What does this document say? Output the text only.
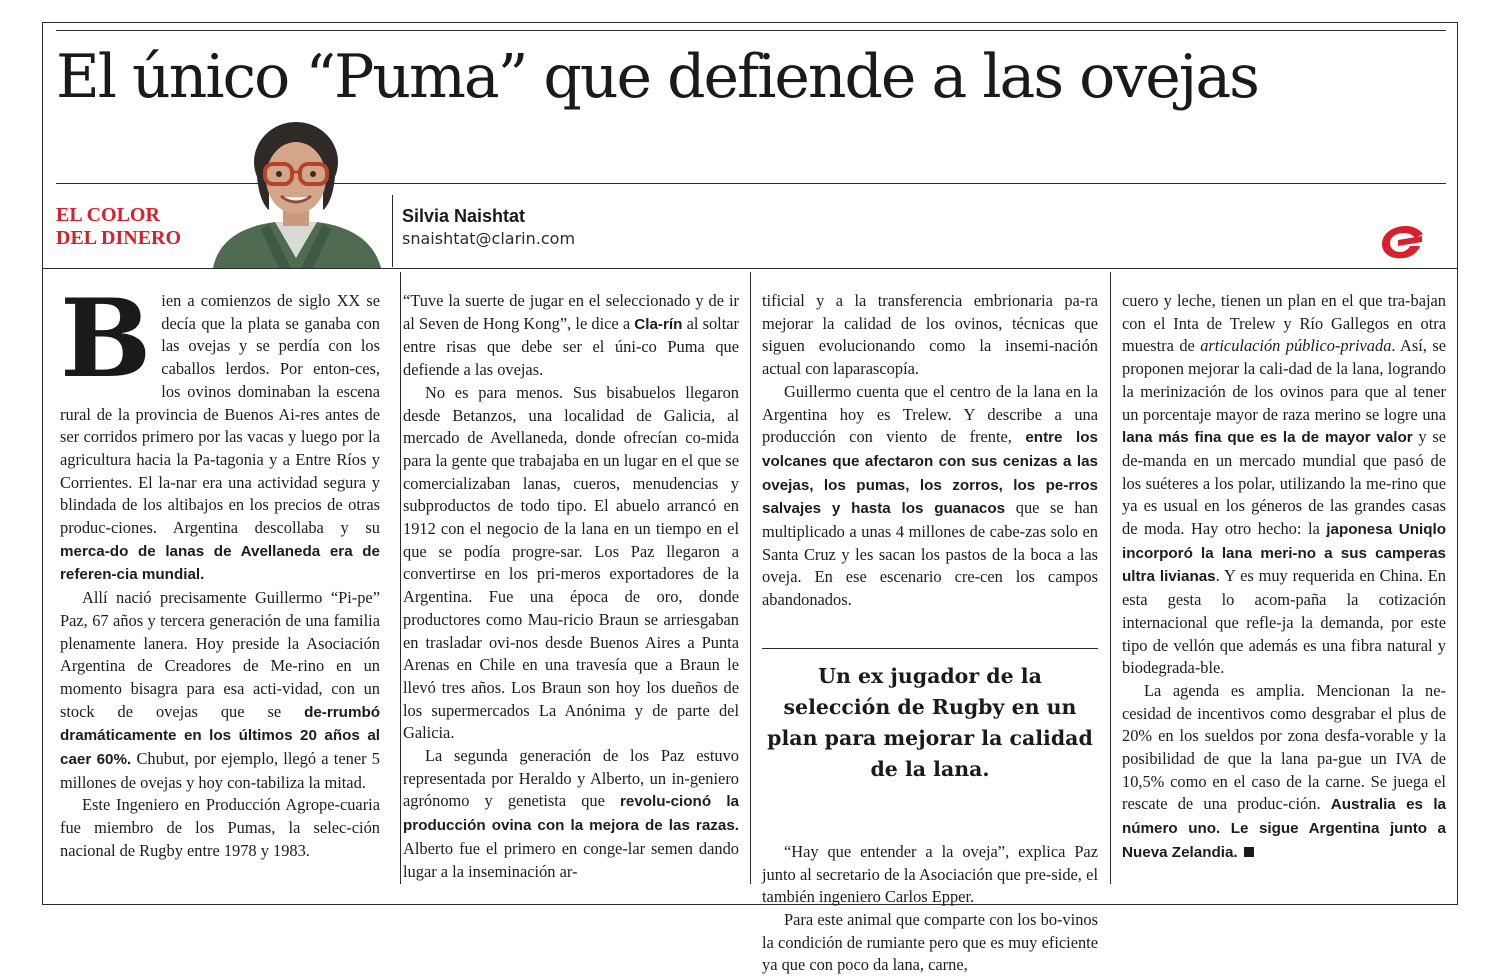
El único “Puma” que defiende a las ovejas
EL COLOR
DEL DINERO
Silvia Naishtat
snaishtat@clarin.com

Bien a comienzos de siglo XX se decía que la plata se ganaba con las ovejas y se perdía con los caballos lerdos. Por enton-ces, los ovinos dominaban la escena rural de la provincia de Buenos Ai-res antes de ser corridos primero por las vacas y luego por la agricultura hacia la Pa-tagonia y a Entre Ríos y Corrientes. El la-nar era una actividad segura y blindada de los altibajos en los precios de otras produc-ciones. Argentina descollaba y su merca-do de lanas de Avellaneda era de referen-cia mundial.

Allí nació precisamente Guillermo “Pi-pe” Paz, 67 años y tercera generación de una familia plenamente lanera. Hoy preside la Asociación Argentina de Creadores de Me-rino en un momento bisagra para esa acti-vidad, con un stock de ovejas que se de-rrumbó dramáticamente en los últimos 20 años al caer 60%. Chubut, por ejemplo, llegó a tener 5 millones de ovejas y hoy con-tabiliza la mitad.

Este Ingeniero en Producción Agrope-cuaria fue miembro de los Pumas, la selec-ción nacional de Rugby entre 1978 y 1983.

“Tuve la suerte de jugar en el seleccionado y de ir al Seven de Hong Kong”, le dice a Cla-rín al soltar entre risas que debe ser el úni-co Puma que defiende a las ovejas.

No es para menos. Sus bisabuelos llegaron desde Betanzos, una localidad de Galicia, al mercado de Avellaneda, donde ofrecían co-mida para la gente que trabajaba en un lugar en el que se comercializaban lanas, cueros, menudencias y subproductos de todo tipo. El abuelo arrancó en 1912 con el negocio de la lana en un tiempo en el que se podía progre-sar. Los Paz llegaron a convertirse en los pri-meros exportadores de la Argentina. Fue una época de oro, donde productores como Mau-ricio Braun se arriesgaban en trasladar ovi-nos desde Buenos Aires a Punta Arenas en Chile en una travesía que a Braun le llevó tres años. Los Braun son hoy los dueños de los supermercados La Anónima y de parte del Galicia.

La segunda generación de los Paz estuvo representada por Heraldo y Alberto, un in-geniero agrónomo y genetista que revolu-cionó la producción ovina con la mejora de las razas. Alberto fue el primero en conge-lar semen dando lugar a la inseminación ar-

tificial y a la transferencia embrionaria pa-ra mejorar la calidad de los ovinos, técnicas que siguen evolucionando como la insemi-nación actual con laparascopía.

Guillermo cuenta que el centro de la lana en la Argentina hoy es Trelew. Y describe a una producción con viento de frente, entre los volcanes que afectaron con sus cenizas a las ovejas, los pumas, los zorros, los pe-rros salvajes y hasta los guanacos que se han multiplicado a unas 4 millones de cabe-zas solo en Santa Cruz y les sacan los pastos de la boca a las oveja. En ese escenario cre-cen los campos abandonados.

Un ex jugador de la selección de Rugby en un plan para mejorar la calidad de la lana.

“Hay que entender a la oveja”, explica Paz junto al secretario de la Asociación que pre-side, el también ingeniero Carlos Epper.

Para este animal que comparte con los bo-vinos la condición de rumiante pero que es muy eficiente ya que con poco da lana, carne,

cuero y leche, tienen un plan en el que tra-bajan con el Inta de Trelew y Río Gallegos en otra muestra de articulación público-privada. Así, se proponen mejorar la cali-dad de la lana, logrando la merinización de los ovinos para que al tener un porcentaje mayor de raza merino se logre una lana más fina que es la de mayor valor y se de-manda en un mercado mundial que pasó de los suéteres a los polar, utilizando la me-rino que ya es usual en los géneros de las grandes casas de moda. Hay otro hecho: la japonesa Uniqlo incorporó la lana meri-no a sus camperas ultra livianas. Y es muy requerida en China. En esta gesta lo acom-paña la cotización internacional que refle-ja la demanda, por este tipo de vellón que además es una fibra natural y biodegrada-ble.

La agenda es amplia. Mencionan la ne-cesidad de incentivos como desgrabar el plus de 20% en los sueldos por zona desfa-vorable y la posibilidad de que la lana pa-gue un IVA de 10,5% como en el caso de la carne. Se juega el rescate de una produc-ción. Australia es la número uno. Le sigue Argentina junto a Nueva Zelandia.
